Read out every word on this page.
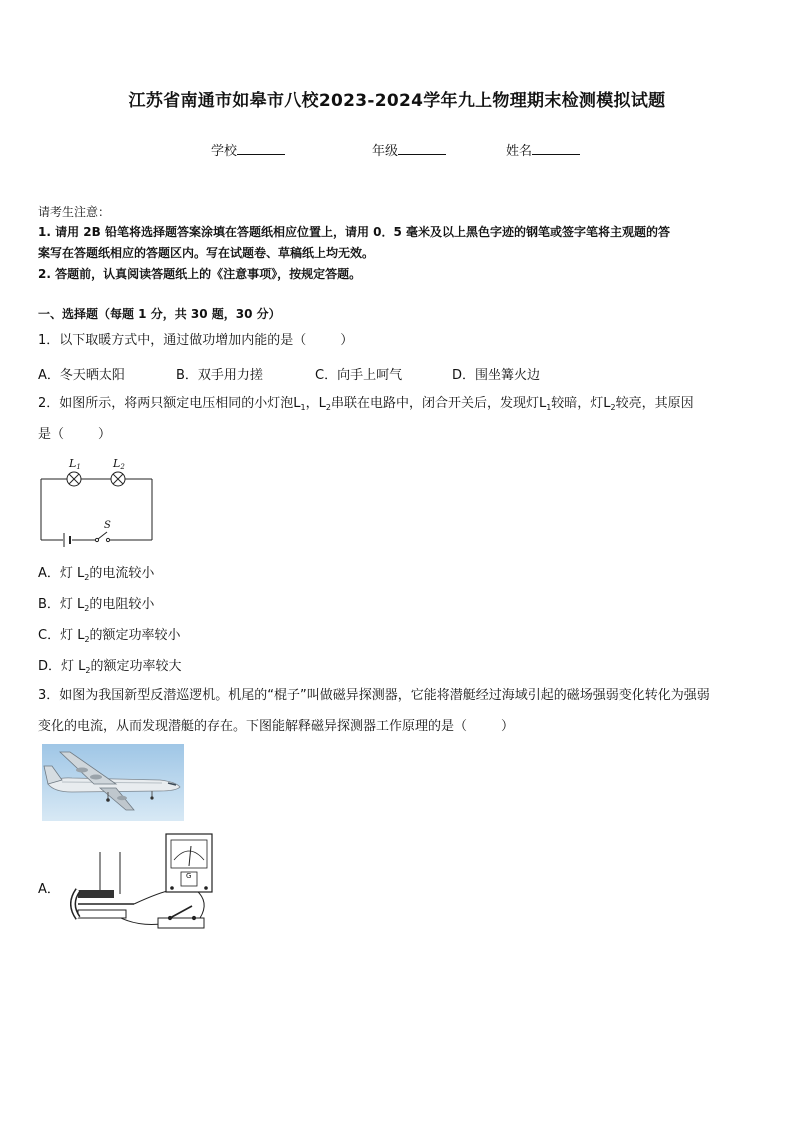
江苏省南通市如皋市八校2023-2024学年九上物理期末检测模拟试题
学校	年级	姓名
请考生注意：
1. 请用 2B 铅笔将选择题答案涂填在答题纸相应位置上，请用 0．5 毫米及以上黑色字迹的钢笔或签字笔将主观题的答
案写在答题纸相应的答题区内。写在试题卷、草稿纸上均无效。
2. 答题前，认真阅读答题纸上的《注意事项》，按规定答题。
一、选择题（每题 1 分，共 30 题，30 分）
1．以下取暖方式中，通过做功增加内能的是（	）
A．冬天晒太阳	B．双手用力搓	C．向手上呵气	D．围坐篝火边
2．如图所示，将两只额定电压相同的小灯泡$L_1$，$L_2$串联在电路中，闭合开关后，发现灯$L_1$较暗，灯$L_2$较亮，其原因
是（	）
L1	L2
S
A．灯 $L_2$的电流较小
B．灯 $L_2$的电阻较小
C．灯 $L_2$的额定功率较小
D．灯 $L_2$的额定功率较大
3．如图为我国新型反潜巡逻机。机尾的“棍子”叫做磁异探测器，它能将潜艇经过海域引起的磁场强弱变化转化为强弱
变化的电流，从而发现潜艇的存在。下图能解释磁异探测器工作原理的是（	）
A．
G
